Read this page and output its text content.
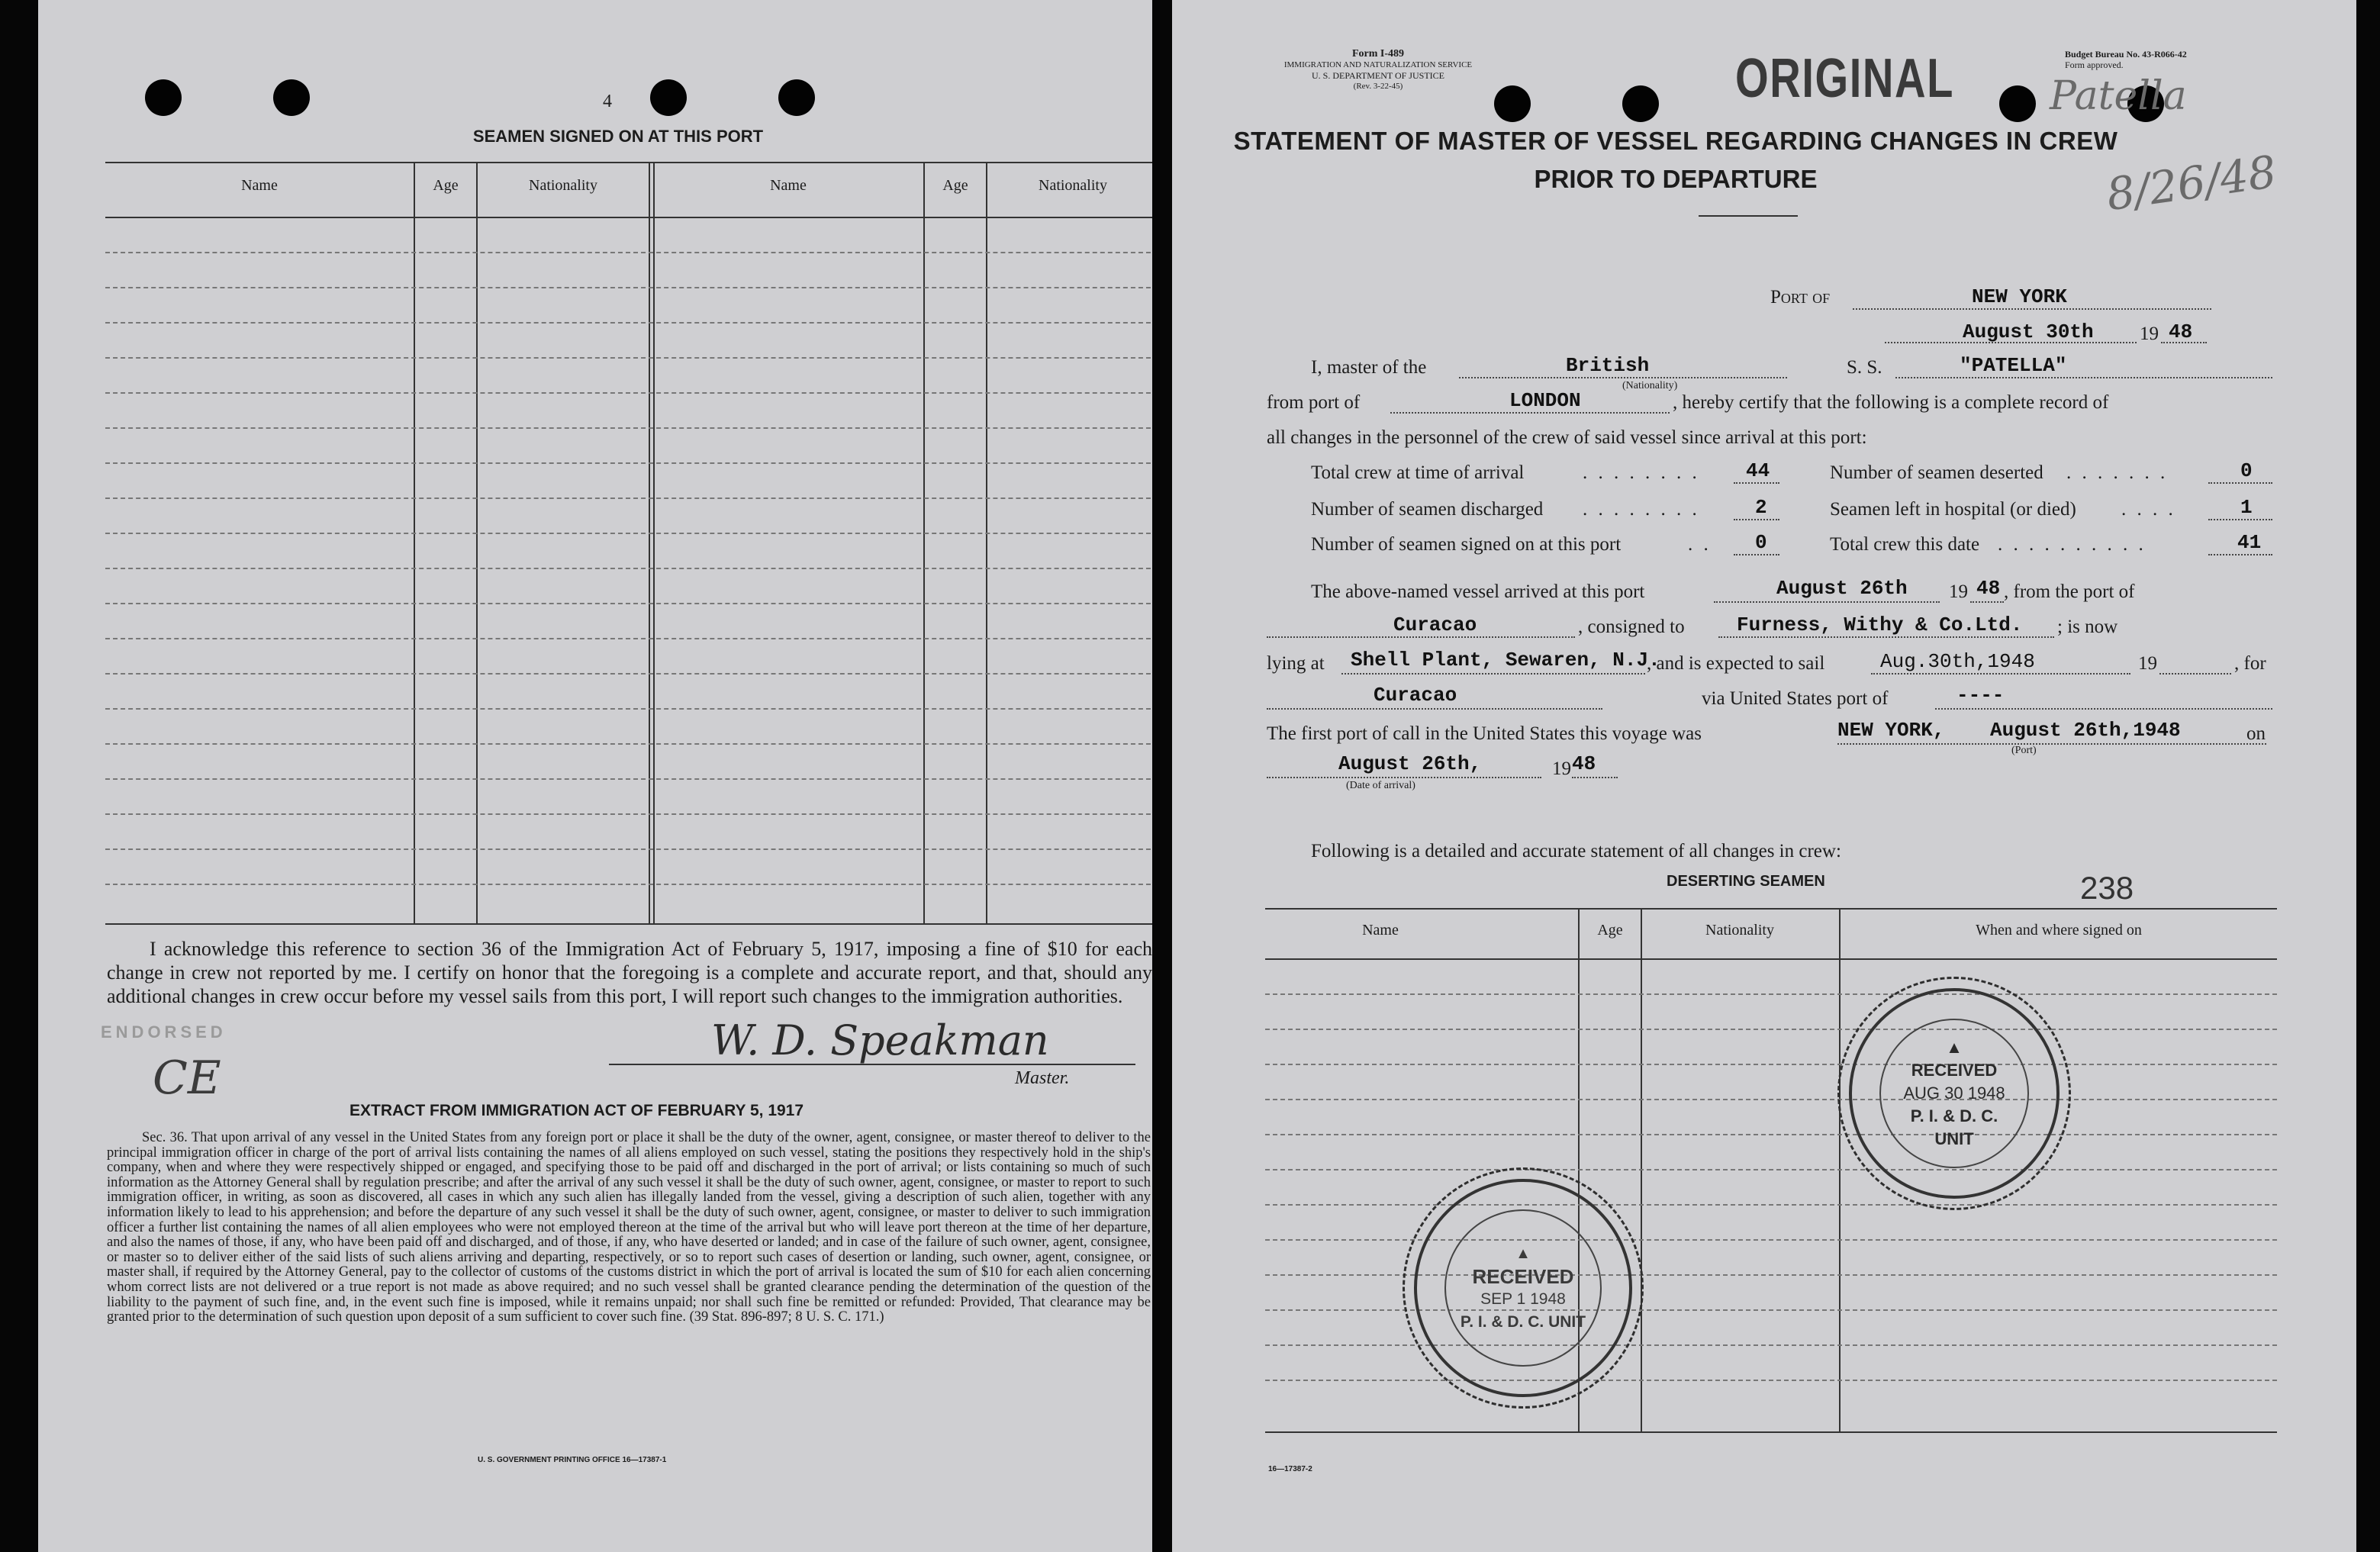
4
SEAMEN SIGNED ON AT THIS PORT
Name	Age	Nationality	Name	Age	Nationality
I acknowledge this reference to section 36 of the Immigration Act of February 5, 1917, imposing a fine of $10 for each change in crew not reported by me. I certify on honor that the foregoing is a complete and accurate report, and that, should any additional changes in crew occur before my vessel sails from this port, I will report such changes to the immigration authorities.
ENDORSED
CE
W. D. Speakman
Master.
EXTRACT FROM IMMIGRATION ACT OF FEBRUARY 5, 1917
Sec. 36. That upon arrival of any vessel in the United States from any foreign port or place it shall be the duty of the owner, agent, consignee, or master thereof to deliver to the principal immigration officer in charge of the port of arrival lists containing the names of all aliens employed on such vessel, stating the positions they respectively hold in the ship's company, when and where they were respectively shipped or engaged, and specifying those to be paid off and discharged in the port of arrival; or lists containing so much of such information as the Attorney General shall by regulation prescribe; and after the arrival of any such vessel it shall be the duty of such owner, agent, consignee, or master to report to such immigration officer, in writing, as soon as discovered, all cases in which any such alien has illegally landed from the vessel, giving a description of such alien, together with any information likely to lead to his apprehension; and before the departure of any such vessel it shall be the duty of such owner, agent, consignee, or master to deliver to such immigration officer a further list containing the names of all alien employees who were not employed thereon at the time of the arrival but who will leave port thereon at the time of her departure, and also the names of those, if any, who have been paid off and discharged, and of those, if any, who have deserted or landed; and in case of the failure of such owner, agent, consignee, or master so to deliver either of the said lists of such aliens arriving and departing, respectively, or so to report such cases of desertion or landing, such owner, agent, consignee, or master shall, if required by the Attorney General, pay to the collector of customs of the customs district in which the port of arrival is located the sum of $10 for each alien concerning whom correct lists are not delivered or a true report is not made as above required; and no such vessel shall be granted clearance pending the determination of the question of the liability to the payment of such fine, and, in the event such fine is imposed, while it remains unpaid; nor shall such fine be remitted or refunded: Provided, That clearance may be granted prior to the determination of such question upon deposit of a sum sufficient to cover such fine. (39 Stat. 896-897; 8 U. S. C. 171.)
U. S. GOVERNMENT PRINTING OFFICE 16—17387-1
Form I-489
IMMIGRATION AND NATURALIZATION SERVICE
U. S. DEPARTMENT OF JUSTICE
(Rev. 3-22-45)	ORIGINAL	Budget Bureau No. 43-R066-42
Form approved.
Patella
8/26/48
STATEMENT OF MASTER OF VESSEL REGARDING CHANGES IN CREW
PRIOR TO DEPARTURE
Port of	NEW YORK
August 30th 19 48
I, master of the	British
(Nationality)
S. S.	"PATELLA"
from port of	LONDON	, hereby certify that the following is a complete record of
all changes in the personnel of the crew of said vessel since arrival at this port:
Total crew at time of arrival	. . . . . . . . 44
Number of seamen discharged . . . . . . . .	2
Number of seamen signed on at this port	. . 0
Number of seamen deserted . . . . . . .	0
Seamen left in hospital (or died) . . . .	1
Total crew this date . . . . . . . . . .	41
The above-named vessel arrived at this port	August 26th 19 48 , from the port of
Curacao	, consigned to	Furness, Withy & Co.Ltd. ; is now
lying at Shell Plant, Sewaren, N.J.
, and is expected to sail	Aug.30th,1948	19	, for
Curacao	via United States port of	----
The first port of call in the United States this voyage was	NEW YORK, August 26th,1948
(Port)
on
August 26th,	19 48
(Date of arrival)
Following is a detailed and accurate statement of all changes in crew:
DESERTING SEAMEN	238
Name	Age	Nationality	When and where signed on
▲
RECEIVED
AUG 30 1948
P. I. & D. C.
UNIT
▲
RECEIVED
SEP 1 1948
P. I. & D. C. UNIT
16—17387-2
